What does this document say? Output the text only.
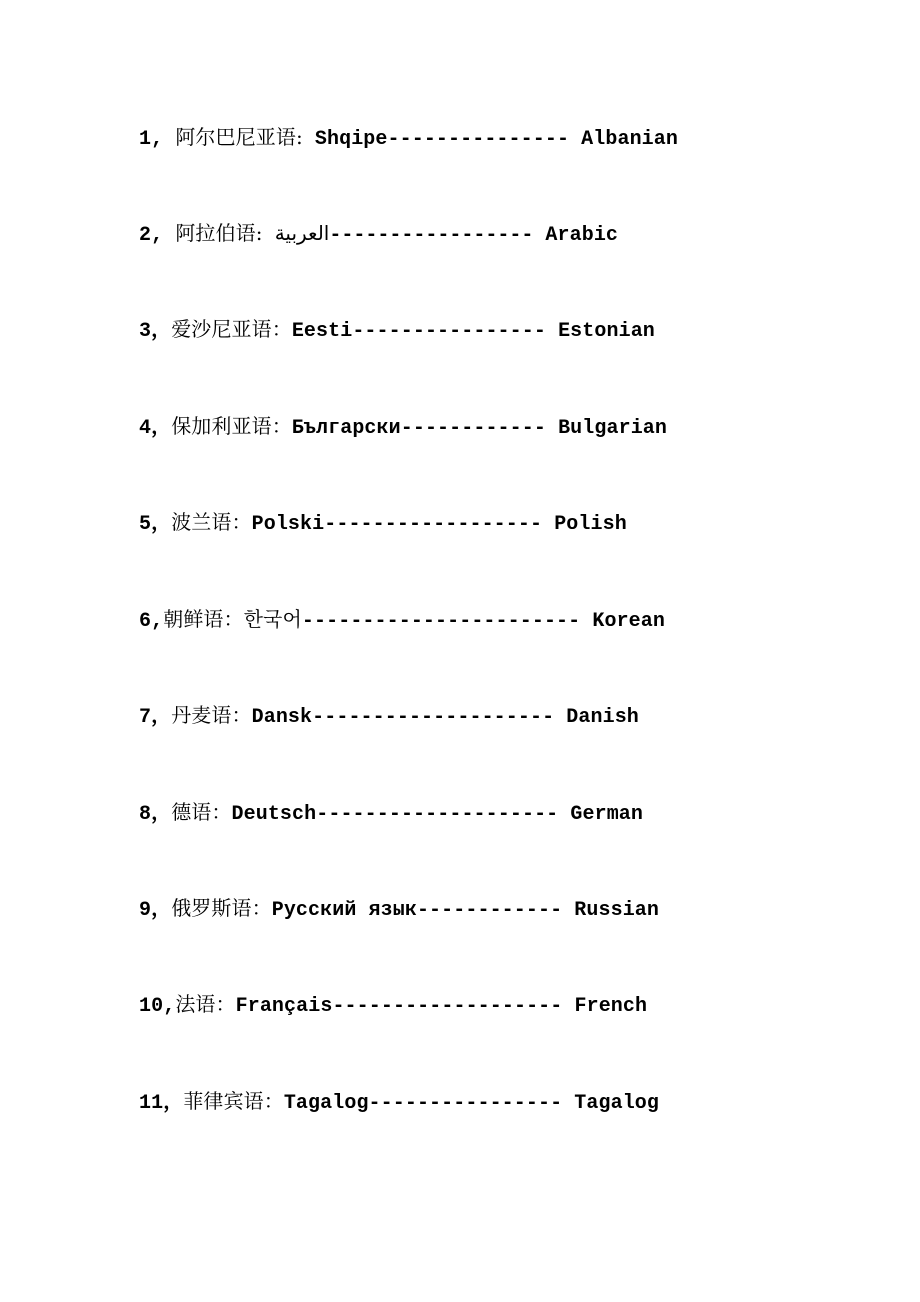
1, 阿尔巴尼亚语: Shqipe--------------- Albanian
2, 阿拉伯语: العربية----------------- Arabic
3，爱沙尼亚语：Eesti---------------- Estonian
4，保加利亚语：Български------------ Bulgarian
5，波兰语：Polski------------------ Polish
6,朝鲜语：한국어----------------------- Korean
7，丹麦语：Dansk-------------------- Danish
8，德语：Deutsch-------------------- German
9，俄罗斯语：Русский язык------------ Russian
10,法语：Français------------------- French
11，菲律宾语：Tagalog---------------- Tagalog
